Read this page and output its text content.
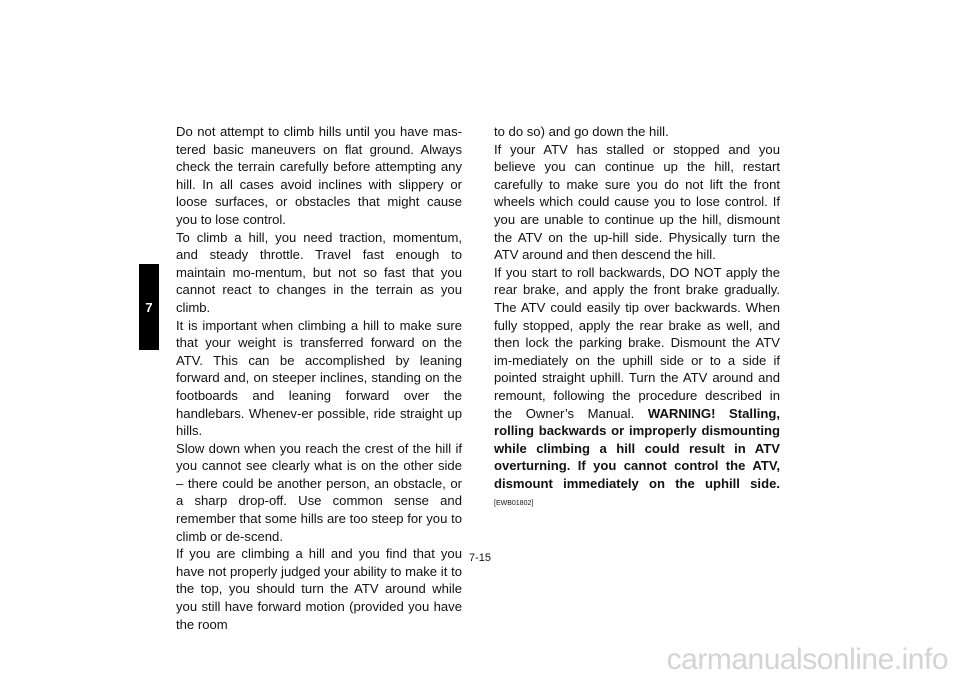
7

Do not attempt to climb hills until you have mas-tered basic maneuvers on flat ground. Always check the terrain carefully before attempting any hill. In all cases avoid inclines with slippery or loose surfaces, or obstacles that might cause you to lose control.

To climb a hill, you need traction, momentum, and steady throttle. Travel fast enough to maintain mo-mentum, but not so fast that you cannot react to changes in the terrain as you climb.

It is important when climbing a hill to make sure that your weight is transferred forward on the ATV. This can be accomplished by leaning forward and, on steeper inclines, standing on the footboards and leaning forward over the handlebars. Whenev-er possible, ride straight up hills.

Slow down when you reach the crest of the hill if you cannot see clearly what is on the other side – there could be another person, an obstacle, or a sharp drop-off. Use common sense and remember that some hills are too steep for you to climb or de-scend.

If you are climbing a hill and you find that you have not properly judged your ability to make it to the top, you should turn the ATV around while you still have forward motion (provided you have the room

to do so) and go down the hill.

If your ATV has stalled or stopped and you believe you can continue up the hill, restart carefully to make sure you do not lift the front wheels which could cause you to lose control. If you are unable to continue up the hill, dismount the ATV on the up-hill side. Physically turn the ATV around and then descend the hill.

If you start to roll backwards, DO NOT apply the rear brake, and apply the front brake gradually. The ATV could easily tip over backwards. When fully stopped, apply the rear brake as well, and then lock the parking brake. Dismount the ATV im-mediately on the uphill side or to a side if pointed straight uphill. Turn the ATV around and remount, following the procedure described in the Owner’s Manual. WARNING! Stalling, rolling backwards or improperly dismounting while climbing a hill could result in ATV overturning. If you cannot control the ATV, dismount immediately on the uphill side.[EWB01802]

7-15
carmanualsonline.info
